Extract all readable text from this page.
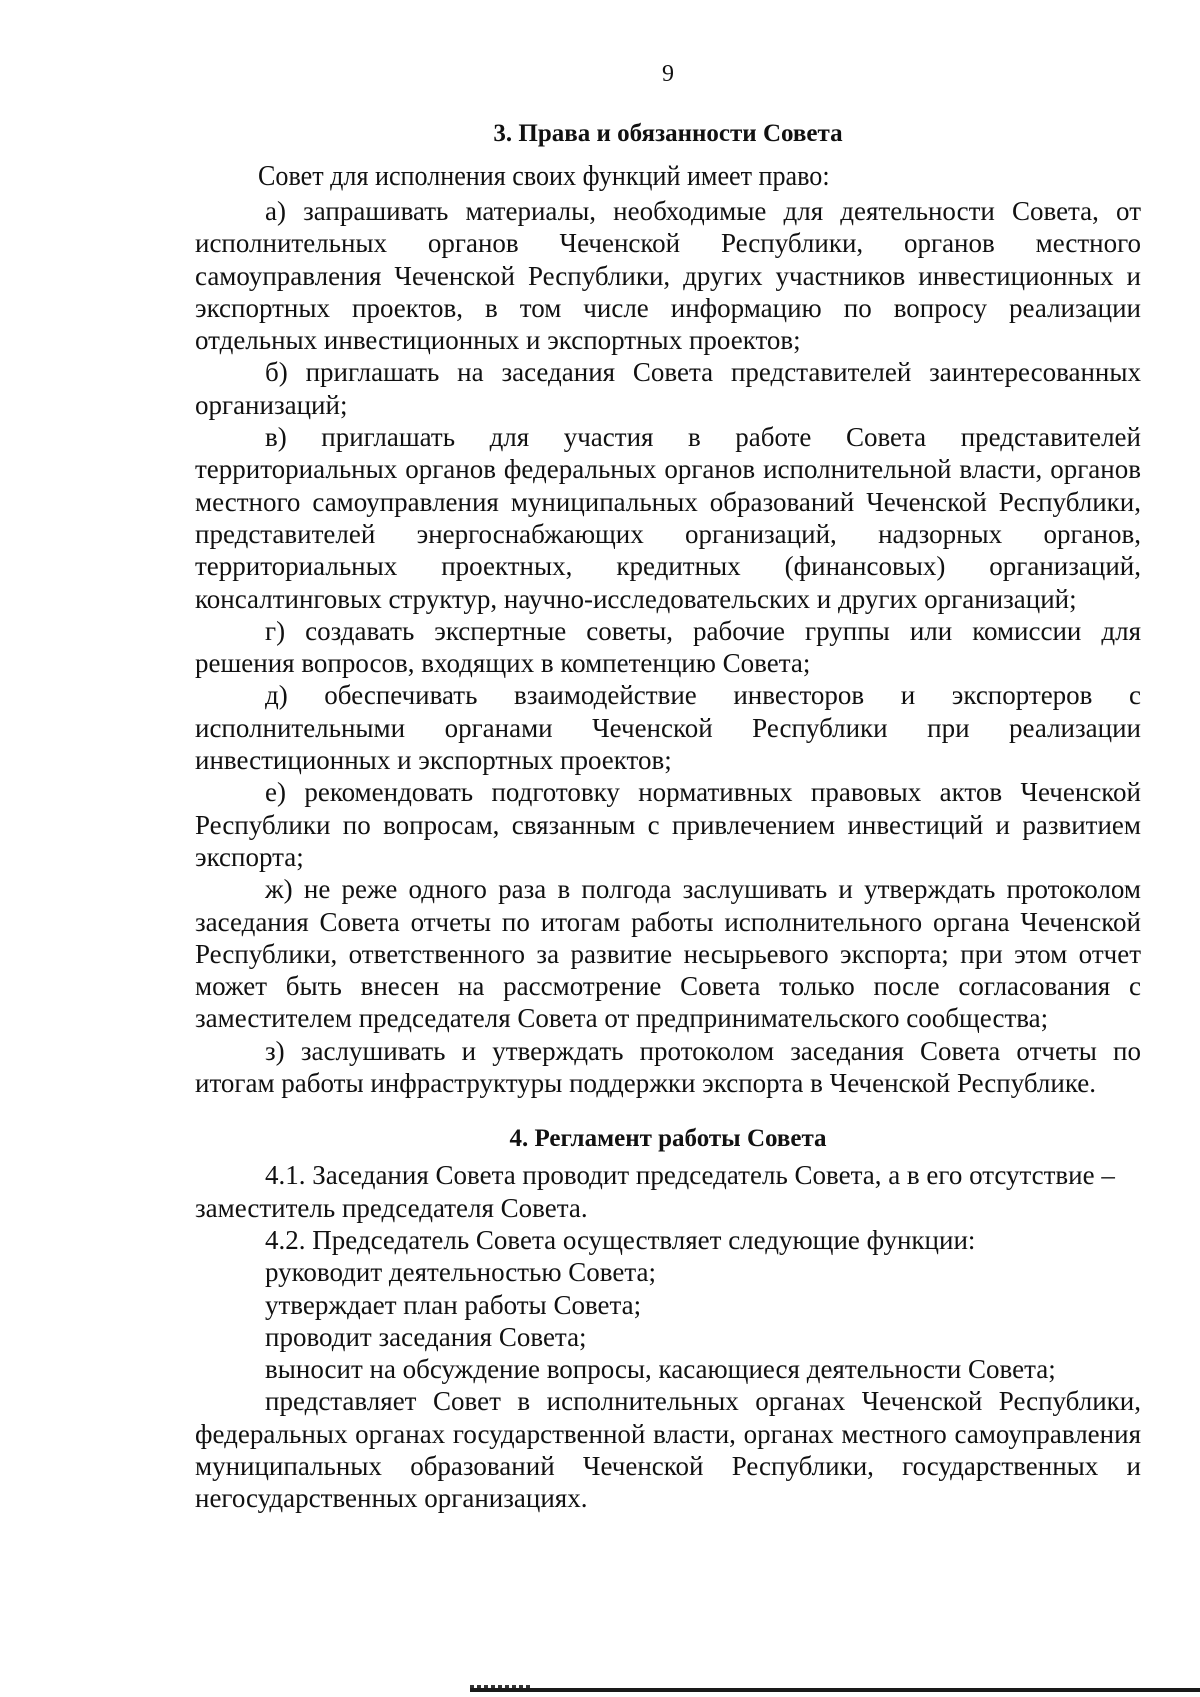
9
3. Права и обязанности Совета

Совет для исполнения своих функций имеет право:

а) запрашивать материалы, необходимые для деятельности Совета, от исполнительных органов Чеченской Республики, органов местного самоуправления Чеченской Республики, других участников инвестиционных и экспортных проектов, в том числе информацию по вопросу реализации отдельных инвестиционных и экспортных проектов;

б) приглашать на заседания Совета представителей заинтересованных организаций;

в) приглашать для участия в работе Совета представителей территориальных органов федеральных органов исполнительной власти, органов местного самоуправления муниципальных образований Чеченской Республики, представителей энергоснабжающих организаций, надзорных органов, территориальных проектных, кредитных (финансовых) организаций, консалтинговых структур, научно-исследовательских и других организаций;

г) создавать экспертные советы, рабочие группы или комиссии для решения вопросов, входящих в компетенцию Совета;

д) обеспечивать взаимодействие инвесторов и экспортеров с исполнительными органами Чеченской Республики при реализации инвестиционных и экспортных проектов;

е) рекомендовать подготовку нормативных правовых актов Чеченской Республики по вопросам, связанным с привлечением инвестиций и развитием экспорта;

ж) не реже одного раза в полгода заслушивать и утверждать протоколом заседания Совета отчеты по итогам работы исполнительного органа Чеченской Республики, ответственного за развитие несырьевого экспорта; при этом отчет может быть внесен на рассмотрение Совета только после согласования с заместителем председателя Совета от предпринимательского сообщества;

з) заслушивать и утверждать протоколом заседания Совета отчеты по итогам работы инфраструктуры поддержки экспорта в Чеченской Республике.

4. Регламент работы Совета

4.1. Заседания Совета проводит председатель Совета, а в его отсутствие – заместитель председателя Совета.

4.2. Председатель Совета осуществляет следующие функции:

руководит деятельностью Совета;

утверждает план работы Совета;

проводит заседания Совета;

выносит на обсуждение вопросы, касающиеся деятельности Совета;

представляет Совет в исполнительных органах Чеченской Республики, федеральных органах государственной власти, органах местного самоуправления муниципальных образований Чеченской Республики, государственных и негосударственных организациях.
